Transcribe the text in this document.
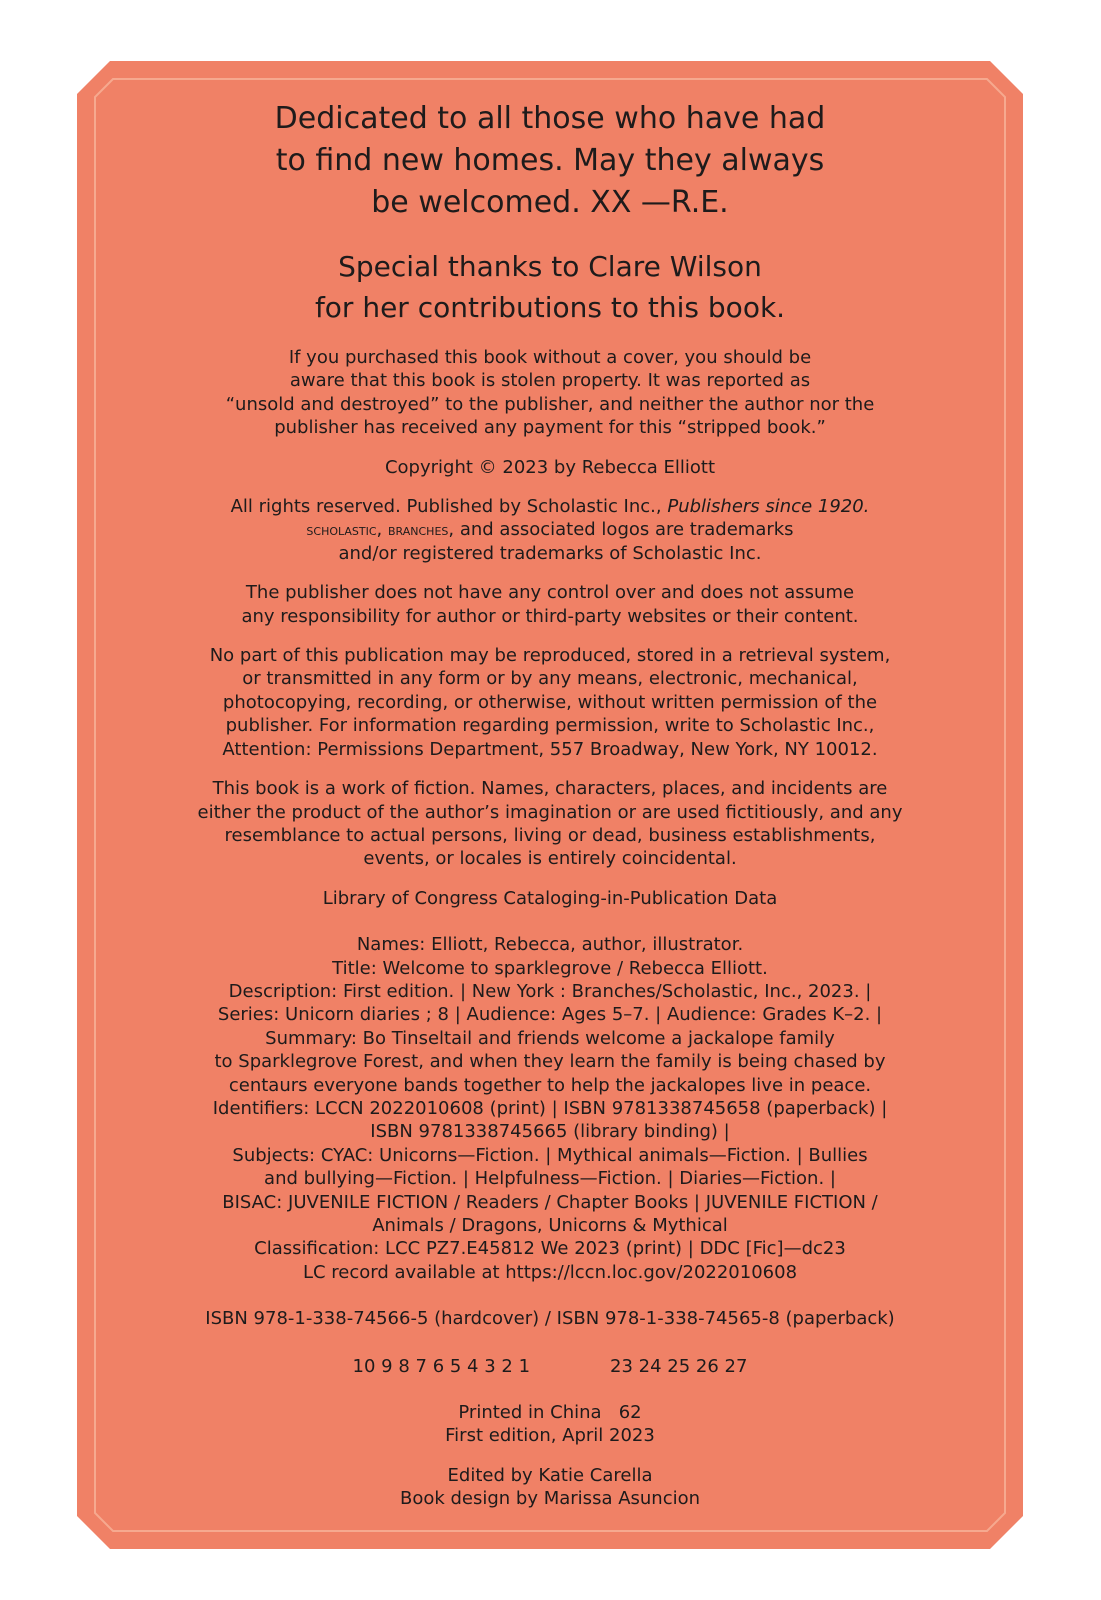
Dedicated to all those who have had
to find new homes. May they always
be welcomed. XX —R.E.
Special thanks to Clare Wilson
for her contributions to this book.

If you purchased this book without a cover, you should be
aware that this book is stolen property. It was reported as
“unsold and destroyed” to the publisher, and neither the author nor the
publisher has received any payment for this “stripped book.”

Copyright © 2023 by Rebecca Elliott

All rights reserved. Published by Scholastic Inc., Publishers since 1920.
scholastic, branches, and associated logos are trademarks
and/or registered trademarks of Scholastic Inc.

The publisher does not have any control over and does not assume
any responsibility for author or third-party websites or their content.

No part of this publication may be reproduced, stored in a retrieval system,
or transmitted in any form or by any means, electronic, mechanical,
photocopying, recording, or otherwise, without written permission of the
publisher. For information regarding permission, write to Scholastic Inc.,
Attention: Permissions Department, 557 Broadway, New York, NY 10012.

This book is a work of fiction. Names, characters, places, and incidents are
either the product of the author’s imagination or are used fictitiously, and any
resemblance to actual persons, living or dead, business establishments,
events, or locales is entirely coincidental.

Library of Congress Cataloging-in-Publication Data

Names: Elliott, Rebecca, author, illustrator.
Title: Welcome to sparklegrove / Rebecca Elliott.
Description: First edition. | New York : Branches/Scholastic, Inc., 2023. |
Series: Unicorn diaries ; 8 | Audience: Ages 5–7. | Audience: Grades K–2. |
Summary: Bo Tinseltail and friends welcome a jackalope family
to Sparklegrove Forest, and when they learn the family is being chased by
centaurs everyone bands together to help the jackalopes live in peace.
Identifiers: LCCN 2022010608 (print) | ISBN 9781338745658 (paperback) |
ISBN 9781338745665 (library binding) |
Subjects: CYAC: Unicorns—Fiction. | Mythical animals—Fiction. | Bullies
and bullying—Fiction. | Helpfulness—Fiction. | Diaries—Fiction. |
BISAC: JUVENILE FICTION / Readers / Chapter Books | JUVENILE FICTION /
Animals / Dragons, Unicorns & Mythical
Classification: LCC PZ7.E45812 We 2023 (print) | DDC [Fic]—dc23
LC record available at https://lccn.loc.gov/2022010608

ISBN 978-1-338-74566-5 (hardcover) / ISBN 978-1-338-74565-8 (paperback)

10 9 8 7 6 5 4 3 2 1	23 24 25 26 27

Printed in China   62
First edition, April 2023

Edited by Katie Carella
Book design by Marissa Asuncion
